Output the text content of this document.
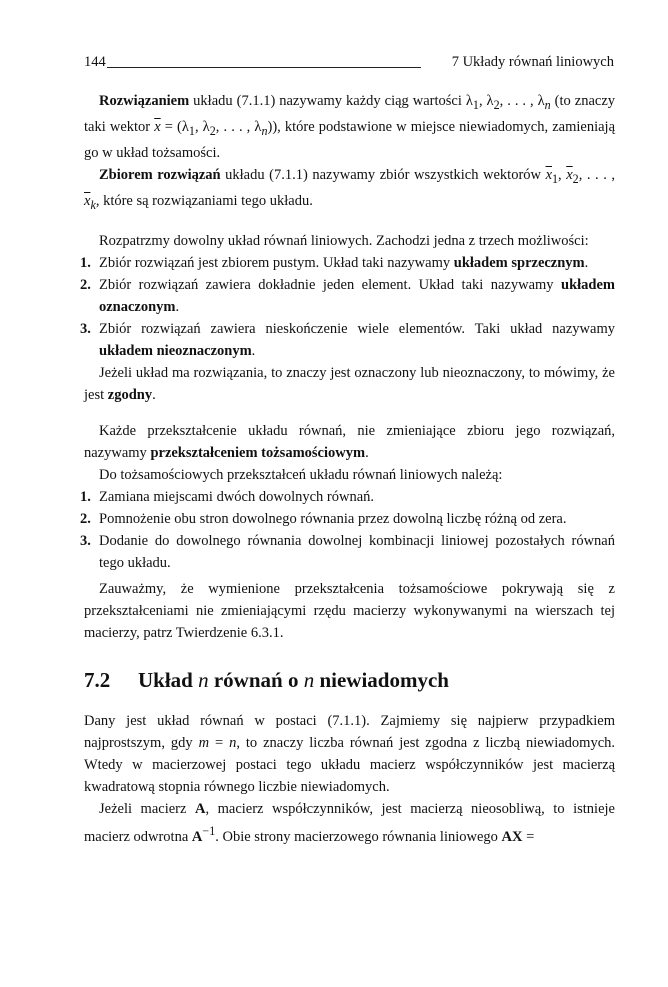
144	7 Układy równań liniowych

Rozwiązaniem układu (7.1.1) nazywamy każdy ciąg wartości $\lambda_1$, $\lambda_2$, . . . , $\lambda_n$ (to znaczy taki wektor $\overline{x} = (\lambda_1$, $\lambda_2$, . . . , $\lambda_n$)), które podstawione w miejsce niewiadomych, zamieniają go w układ tożsamości.

Zbiorem rozwiązań układu (7.1.1) nazywamy zbiór wszystkich wektorów $\overline{x}_1$, $\overline{x}_2$, . . . , $\overline{x}_k$, które są rozwiązaniami tego układu.

Rozpatrzmy dowolny układ równań liniowych. Zachodzi jedna z trzech możliwości:

1. Zbiór rozwiązań jest zbiorem pustym. Układ taki nazywamy układem sprzecznym.
2. Zbiór rozwiązań zawiera dokładnie jeden element. Układ taki nazywamy układem oznaczonym.
3. Zbiór rozwiązań zawiera nieskończenie wiele elementów. Taki układ nazywamy układem nieoznaczonym.

Jeżeli układ ma rozwiązania, to znaczy jest oznaczony lub nieoznaczony, to mówimy, że jest zgodny.

Każde przekształcenie układu równań, nie zmieniające zbioru jego rozwiązań, nazywamy przekształceniem tożsamościowym.

Do tożsamościowych przekształceń układu równań liniowych należą:

1. Zamiana miejscami dwóch dowolnych równań.
2. Pomnożenie obu stron dowolnego równania przez dowolną liczbę różną od zera.
3. Dodanie do dowolnego równania dowolnej kombinacji liniowej pozostałych równań tego układu.

Zauważmy, że wymienione przekształcenia tożsamościowe pokrywają się z przekształceniami nie zmieniającymi rzędu macierzy wykonywanymi na wierszach tej macierzy, patrz Twierdzenie 6.3.1.

7.2 Układ n równań o n niewiadomych

Dany jest układ równań w postaci (7.1.1). Zajmiemy się najpierw przypadkiem najprostszym, gdy m = n, to znaczy liczba równań jest zgodna z liczbą niewiadomych. Wtedy w macierzowej postaci tego układu macierz współczynników jest macierzą kwadratową stopnia równego liczbie niewiadomych.

Jeżeli macierz A, macierz współczynników, jest macierzą nieosobliwą, to istnieje macierz odwrotna $A^{-1}$. Obie strony macierzowego równania liniowego AX =
